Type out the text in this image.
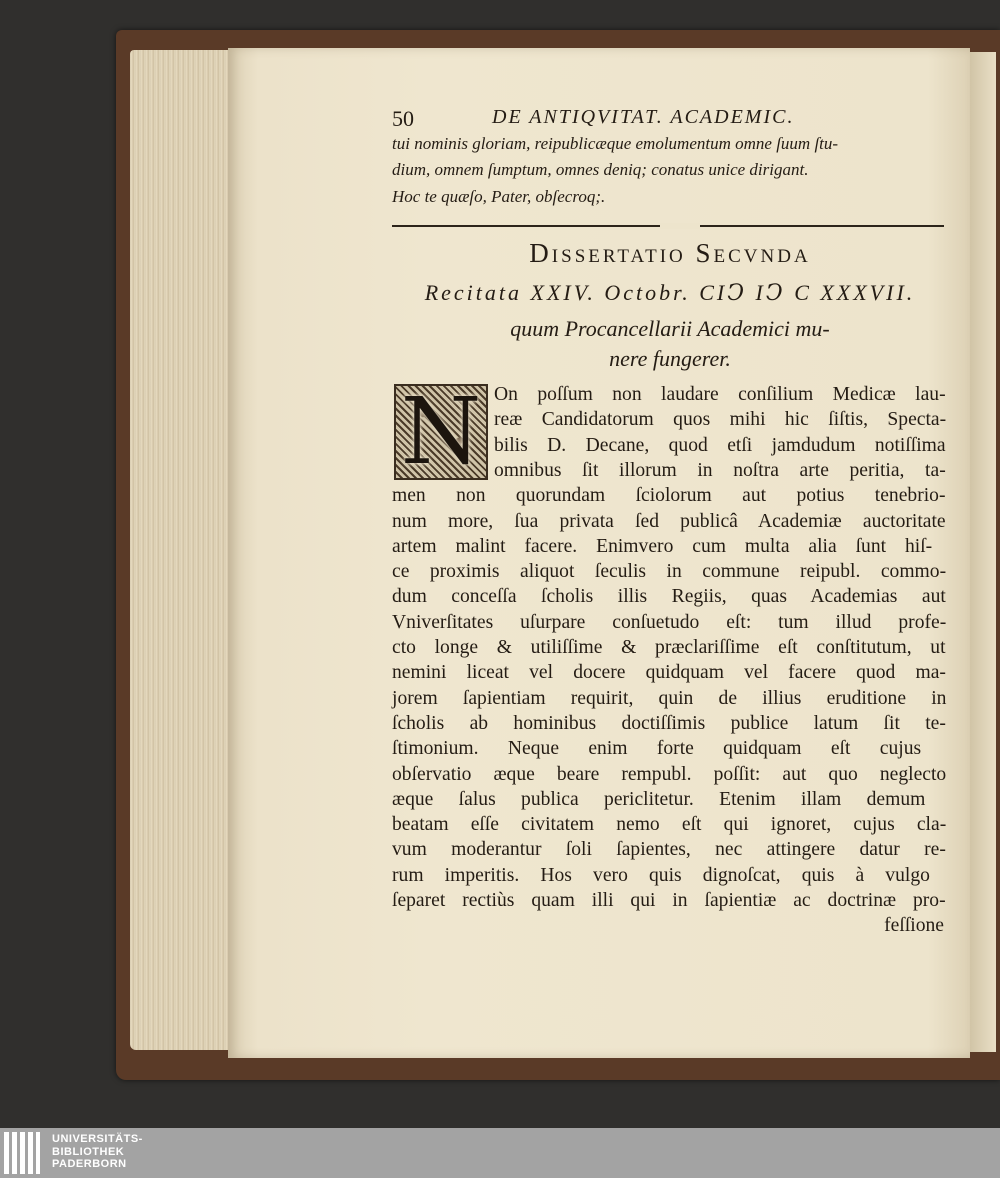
50	DE ANTIQVITAT. ACADEMIC.
tui nominis gloriam, reipublicæque emolumentum omne ſuum ſtu-
dium, omnem ſumptum, omnes deniq; conatus unice dirigant.
Hoc te quæſo, Pater, obſecroq;.
Dissertatio Secvnda
Recitata XXIV. Octobr. CIↃ IↃ C XXXVII.
quum Procancellarii Academici mu-
nere fungerer.
N On poſſum non laudare conſilium Medicæ lau-
reæ Candidatorum quos mihi hic ſiſtis, Specta-
bilis D. Decane, quod etſi jamdudum notiſſima
omnibus ſit illorum in noſtra arte peritia, ta-
men non quorundam ſciolorum aut potius tenebrio-
num more, ſua privata ſed publicâ Academiæ auctoritate
artem malint facere. Enimvero cum multa alia ſunt hiſ-
ce proximis aliquot ſeculis in commune reipubl. commo-
dum conceſſa ſcholis illis Regiis, quas Academias aut
Vniverſitates uſurpare conſuetudo eſt: tum illud profe-
cto longe & utiliſſime & præclariſſime eſt conſtitutum, ut
nemini liceat vel docere quidquam vel facere quod ma-
jorem ſapientiam requirit, quin de illius eruditione in
ſcholis ab hominibus doctiſſimis publice latum ſit te-
ſtimonium. Neque enim forte quidquam eſt cujus
obſervatio æque beare rempubl. poſſit: aut quo neglecto
æque ſalus publica periclitetur. Etenim illam demum
beatam eſſe civitatem nemo eſt qui ignoret, cujus cla-
vum moderantur ſoli ſapientes, nec attingere datur re-
rum imperitis. Hos vero quis dignoſcat, quis à vulgo
ſeparet rectiùs quam illi qui in ſapientiæ ac doctrinæ pro-
feſſione
UNIVERSITÄTS-
BIBLIOTHEK
PADERBORN
